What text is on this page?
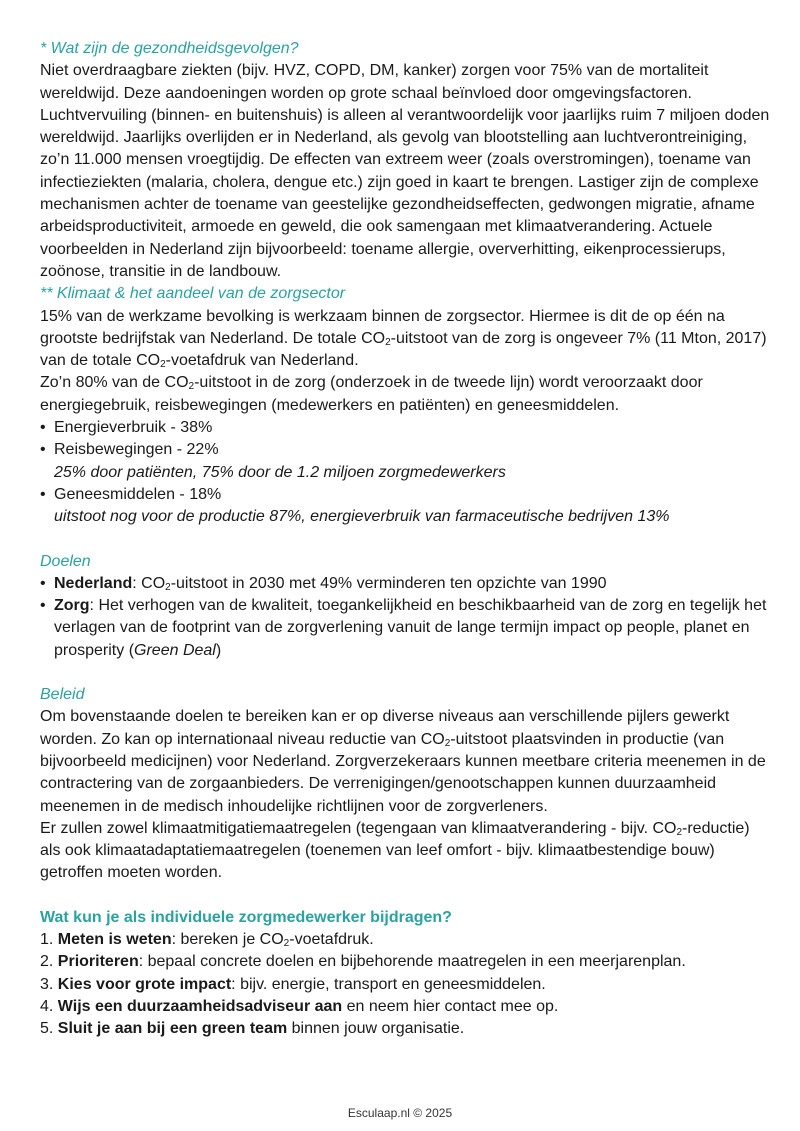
* Wat zijn de gezondheidsgevolgen?

Niet overdraagbare ziekten (bijv. HVZ, COPD, DM, kanker) zorgen voor 75% van de mortaliteit wereldwijd. Deze aandoeningen worden op grote schaal beïnvloed door omgevingsfactoren. Luchtvervuiling (binnen- en buitenshuis) is alleen al verantwoordelijk voor jaarlijks ruim 7 miljoen doden wereldwijd. Jaarlijks overlijden er in Nederland, als gevolg van blootstelling aan luchtverontreiniging, zo’n 11.000 mensen vroegtijdig. De effecten van extreem weer (zoals overstromingen), toename van infectieziekten (malaria, cholera, dengue etc.) zijn goed in kaart te brengen. Lastiger zijn de complexe mechanismen achter de toename van geestelijke gezondheidseffecten, gedwongen migratie, afname arbeidsproductiviteit, armoede en geweld, die ook samengaan met klimaatverandering. Actuele voorbeelden in Nederland zijn bijvoorbeeld: toename allergie, oververhitting, eikenprocessierups, zoönose, transitie in de landbouw.

** Klimaat & het aandeel van de zorgsector

15% van de werkzame bevolking is werkzaam binnen de zorgsector. Hiermee is dit de op één na grootste bedrijfstak van Nederland. De totale $CO_2$-uitstoot van de zorg is ongeveer 7% (11 Mton, 2017) van de totale $CO_2$-voetafdruk van Nederland.

Zo’n 80% van de $CO_2$-uitstoot in de zorg (onderzoek in de tweede lijn) wordt veroorzaakt door energiegebruik, reisbewegingen (medewerkers en patiënten) en geneesmiddelen.

• Energieverbruik - 38%
• Reisbewegingen - 22%
25% door patiënten, 75% door de 1.2 miljoen zorgmedewerkers
• Geneesmiddelen - 18%
uitstoot nog voor de productie 87%, energieverbruik van farmaceutische bedrijven 13%

Doelen

• Nederland: $CO_2$-uitstoot in 2030 met 49% verminderen ten opzichte van 1990
• Zorg: Het verhogen van de kwaliteit, toegankelijkheid en beschikbaarheid van de zorg en tegelijk het verlagen van de footprint van de zorgverlening vanuit de lange termijn impact op people, planet en prosperity (Green Deal)

Beleid

Om bovenstaande doelen te bereiken kan er op diverse niveaus aan verschillende pijlers gewerkt worden. Zo kan op internationaal niveau reductie van $CO_2$-uitstoot plaatsvinden in productie (van bijvoorbeeld medicijnen) voor Nederland. Zorgverzekeraars kunnen meetbare criteria meenemen in de contractering van de zorgaanbieders. De verrenigingen/genootschappen kunnen duurzaamheid meenemen in de medisch inhoudelijke richtlijnen voor de zorgverleners.

Er zullen zowel klimaatmitigatiemaatregelen (tegengaan van klimaatverandering - bijv. $CO_2-reductie$) als ook klimaatadaptatiemaatregelen (toenemen van leef omfort - bijv. klimaatbestendige bouw) getroffen moeten worden.

Wat kun je als individuele zorgmedewerker bijdragen?

1. Meten is weten: bereken je $CO_2$-voetafdruk.
2. Prioriteren: bepaal concrete doelen en bijbehorende maatregelen in een meerjarenplan.
3. Kies voor grote impact: bijv. energie, transport en geneesmiddelen.
4. Wijs een duurzaamheidsadviseur aan en neem hier contact mee op.
5. Sluit je aan bij een green team binnen jouw organisatie.
Esculaap.nl © 2025
